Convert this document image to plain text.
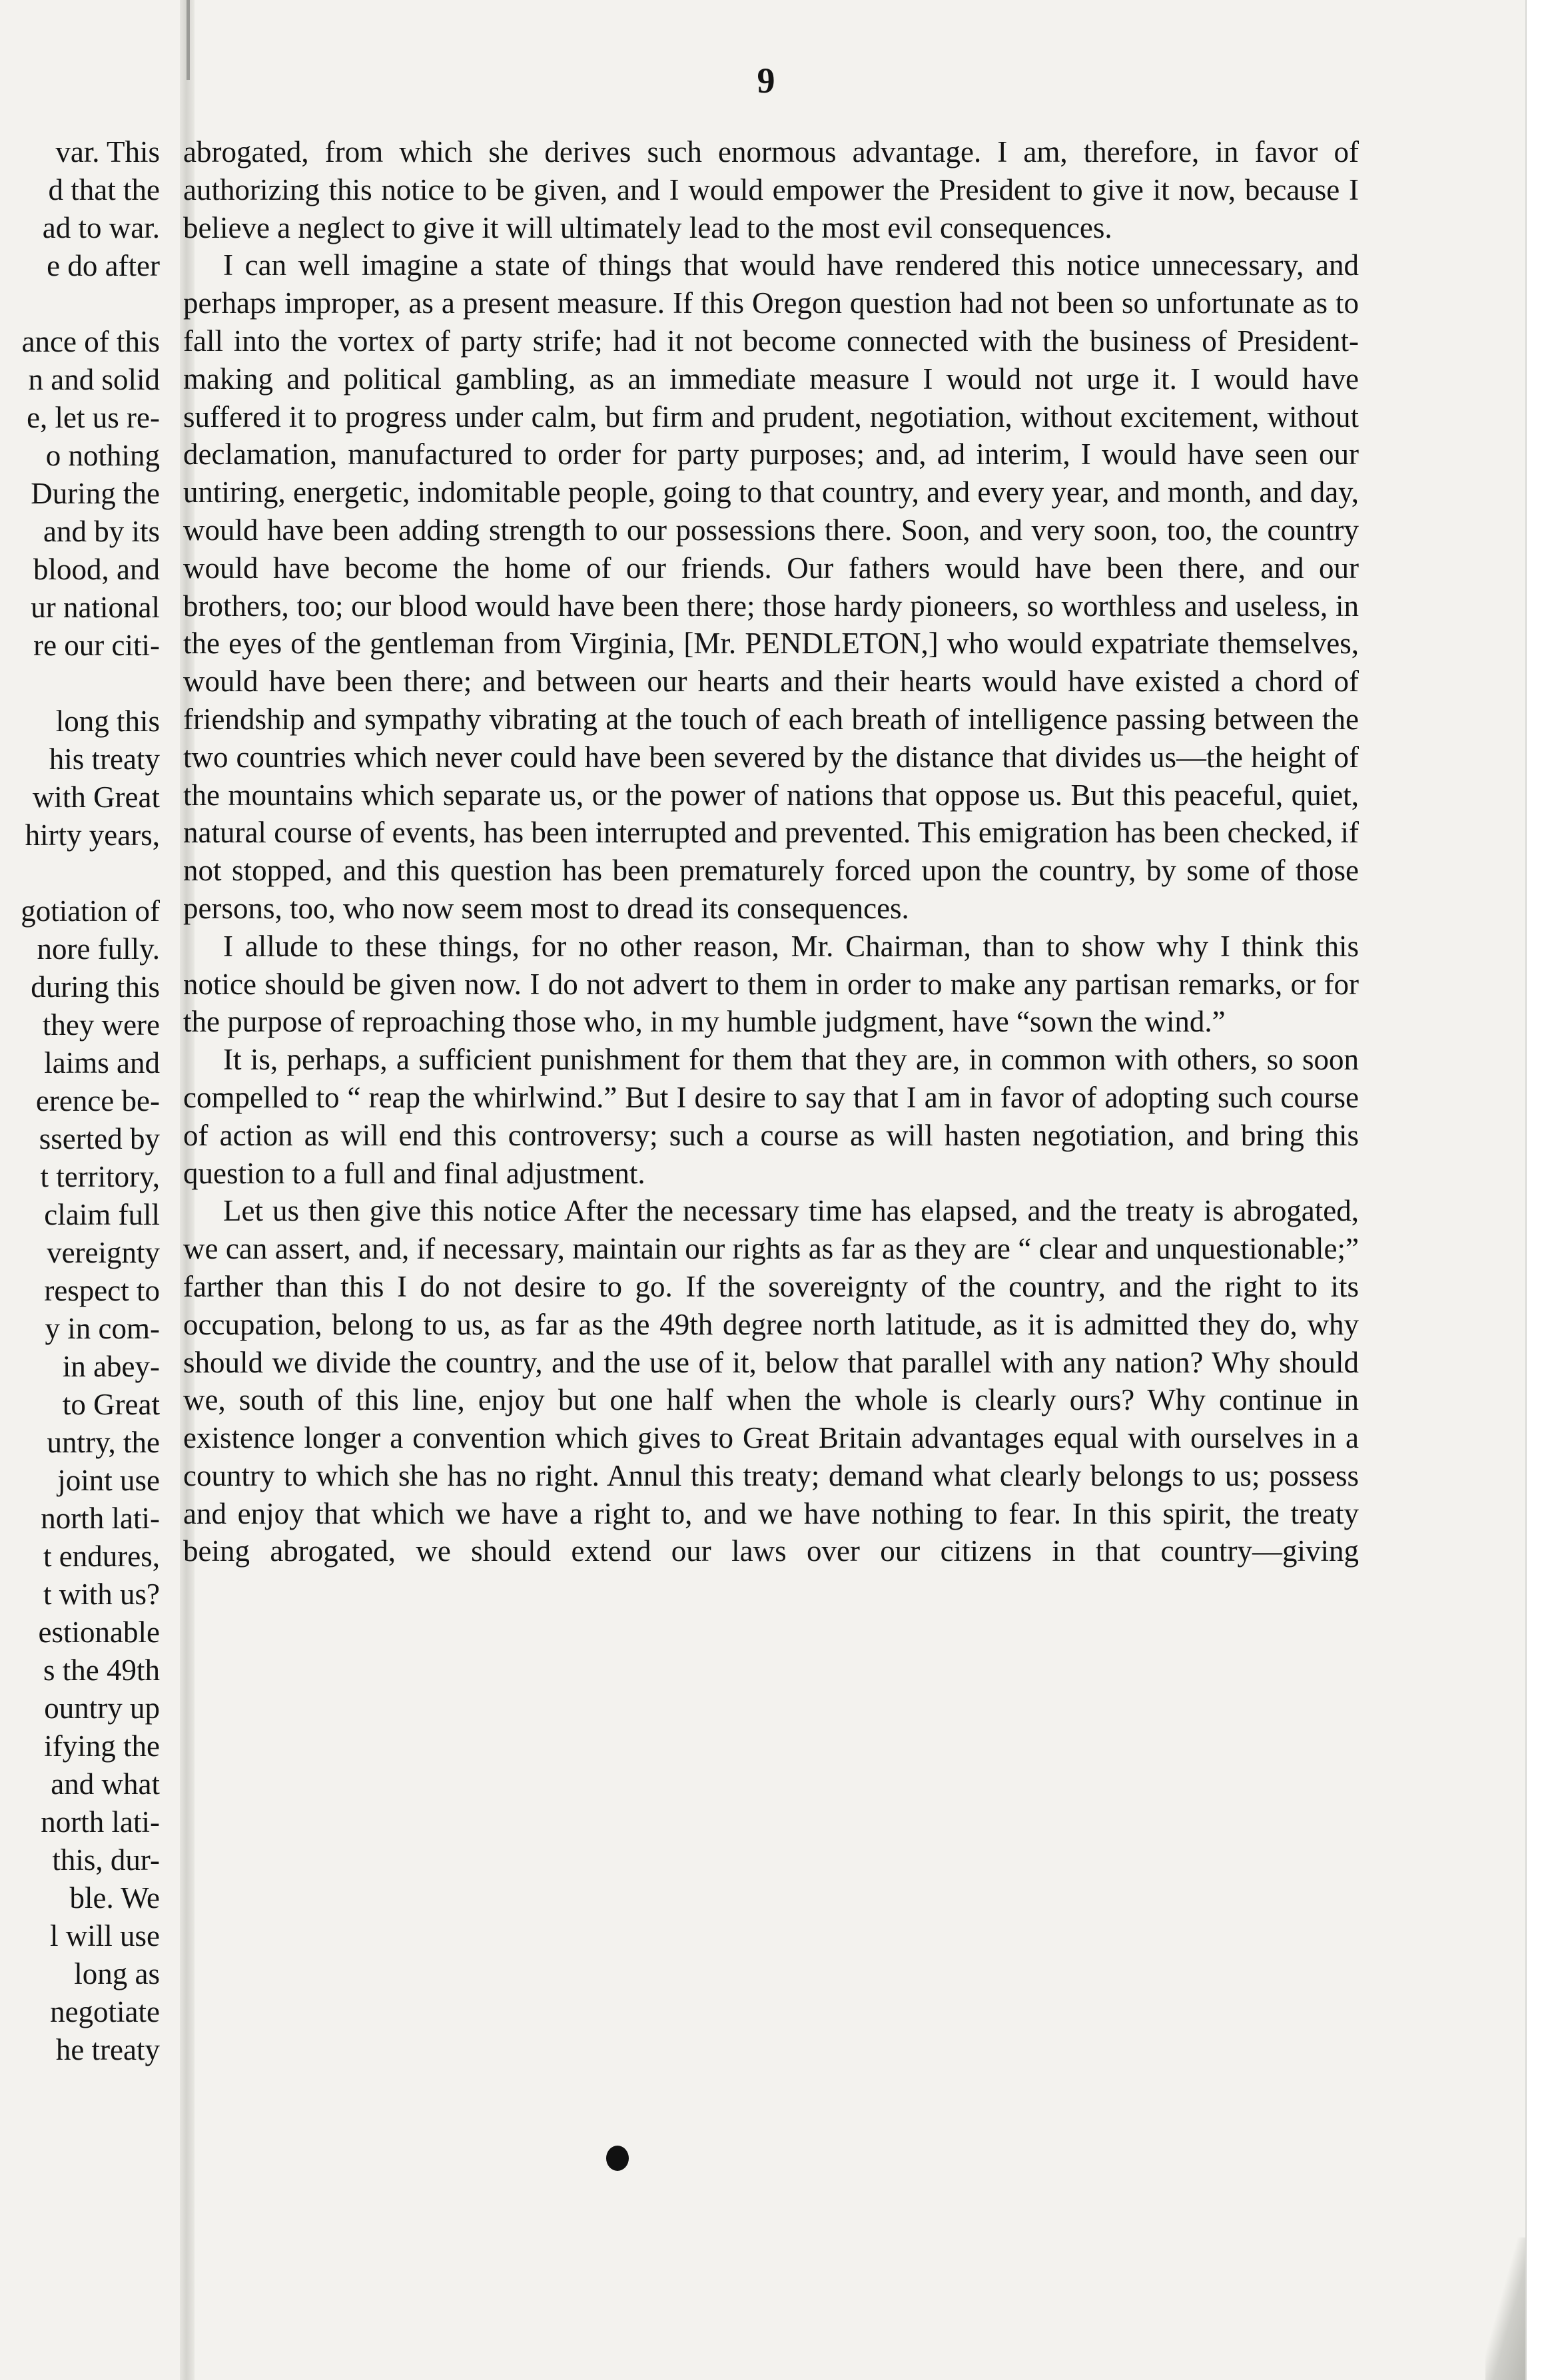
9
var. This
d that the
ad to war.
e do after

ance of this
n and solid
e, let us re-
o nothing
During the
and by its
blood, and
ur national
re our citi-

long this
his treaty
with Great
hirty years,

gotiation of
nore fully.
during this
they were
laims and
erence be-
sserted by
t territory,
claim full
vereignty
respect to
y in com-
in abey-
to Great
untry, the
joint use
north lati-
t endures,
t with us?
estionable
s the 49th
ountry up
ifying the
and what
north lati-
this, dur-
ble. We
l will use
long as
negotiate
he treaty

abrogated, from which she derives such enormous advantage. I am, therefore, in favor of authorizing this notice to be given, and I would empower the President to give it now, because I believe a neglect to give it will ultimately lead to the most evil consequences.

I can well imagine a state of things that would have rendered this notice unnecessary, and perhaps improper, as a present measure. If this Oregon question had not been so unfortunate as to fall into the vortex of party strife; had it not become connected with the business of President-making and political gambling, as an immediate measure I would not urge it. I would have suffered it to progress under calm, but firm and prudent, negotiation, without excitement, without declamation, manufactured to order for party purposes; and, ad interim, I would have seen our untiring, energetic, indomitable people, going to that country, and every year, and month, and day, would have been adding strength to our possessions there. Soon, and very soon, too, the country would have become the home of our friends. Our fathers would have been there, and our brothers, too; our blood would have been there; those hardy pioneers, so worthless and useless, in the eyes of the gentleman from Virginia, [Mr. PENDLETON,] who would expatriate themselves, would have been there; and between our hearts and their hearts would have existed a chord of friendship and sympathy vibrating at the touch of each breath of intelligence passing between the two countries which never could have been severed by the distance that divides us—the height of the mountains which separate us, or the power of nations that oppose us. But this peaceful, quiet, natural course of events, has been interrupted and prevented. This emigration has been checked, if not stopped, and this question has been prematurely forced upon the country, by some of those persons, too, who now seem most to dread its consequences.

I allude to these things, for no other reason, Mr. Chairman, than to show why I think this notice should be given now. I do not advert to them in order to make any partisan remarks, or for the purpose of reproaching those who, in my humble judgment, have “sown the wind.”

It is, perhaps, a sufficient punishment for them that they are, in common with others, so soon compelled to “ reap the whirlwind.” But I desire to say that I am in favor of adopting such course of action as will end this controversy; such a course as will hasten negotiation, and bring this question to a full and final adjustment.

Let us then give this notice After the necessary time has elapsed, and the treaty is abrogated, we can assert, and, if necessary, maintain our rights as far as they are “ clear and unquestionable;” farther than this I do not desire to go. If the sovereignty of the country, and the right to its occupation, belong to us, as far as the 49th degree north latitude, as it is admitted they do, why should we divide the country, and the use of it, below that parallel with any nation? Why should we, south of this line, enjoy but one half when the whole is clearly ours? Why continue in existence longer a convention which gives to Great Britain advantages equal with ourselves in a country to which she has no right. Annul this treaty; demand what clearly belongs to us; possess and enjoy that which we have a right to, and we have nothing to fear. In this spirit, the treaty being abrogated, we should extend our laws over our citizens in that country—giving
